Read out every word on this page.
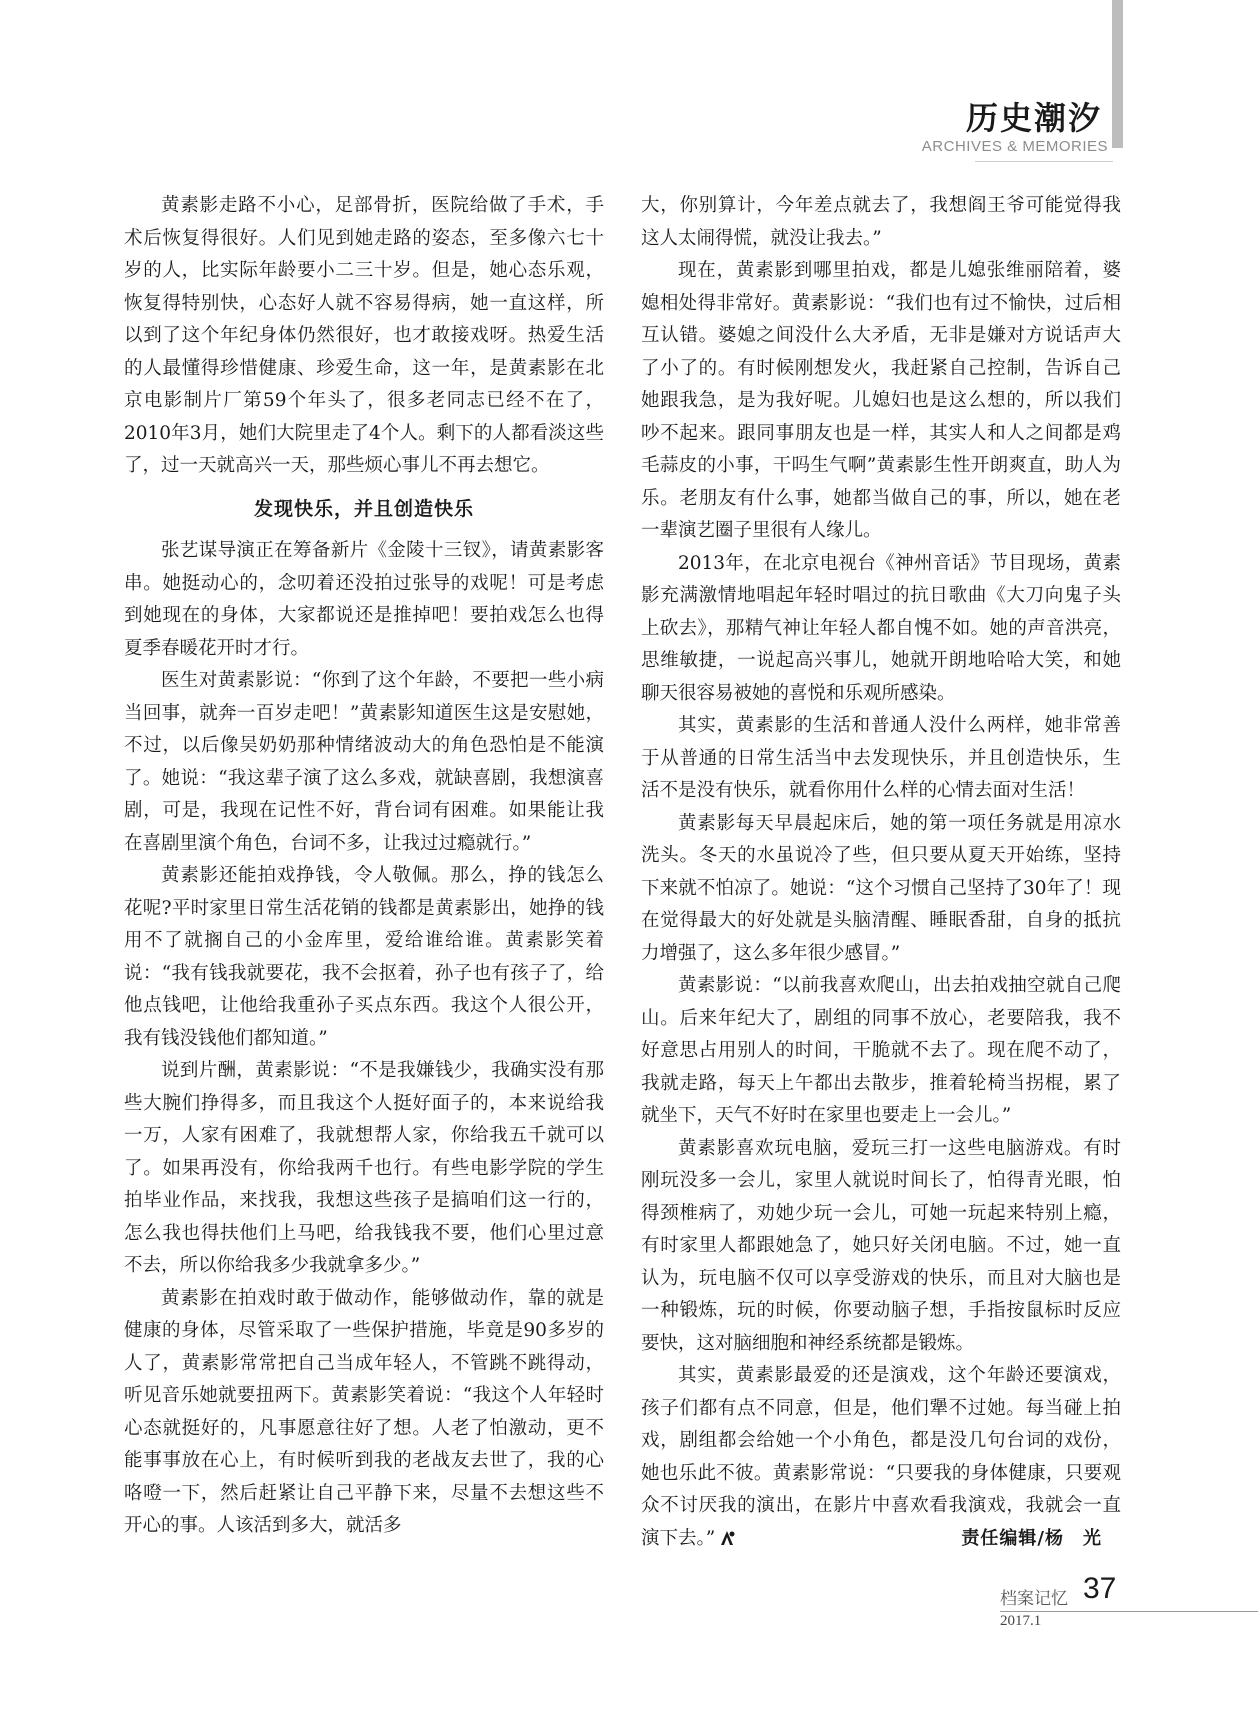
历史潮汐
ARCHIVES & MEMORIES

黄素影走路不小心，足部骨折，医院给做了手术，手术后恢复得很好。人们见到她走路的姿态，至多像六七十岁的人，比实际年龄要小二三十岁。但是，她心态乐观，恢复得特别快，心态好人就不容易得病，她一直这样，所以到了这个年纪身体仍然很好，也才敢接戏呀。热爱生活的人最懂得珍惜健康、珍爱生命，这一年，是黄素影在北京电影制片厂第59个年头了，很多老同志已经不在了，2010年3月，她们大院里走了4个人。剩下的人都看淡这些了，过一天就高兴一天，那些烦心事儿不再去想它。

发现快乐，并且创造快乐

张艺谋导演正在筹备新片《金陵十三钗》，请黄素影客串。她挺动心的，念叨着还没拍过张导的戏呢！可是考虑到她现在的身体，大家都说还是推掉吧！要拍戏怎么也得夏季春暖花开时才行。

医生对黄素影说：“你到了这个年龄，不要把一些小病当回事，就奔一百岁走吧！”黄素影知道医生这是安慰她，不过，以后像吴奶奶那种情绪波动大的角色恐怕是不能演了。她说：“我这辈子演了这么多戏，就缺喜剧，我想演喜剧，可是，我现在记性不好，背台词有困难。如果能让我在喜剧里演个角色，台词不多，让我过过瘾就行。”

黄素影还能拍戏挣钱，令人敬佩。那么，挣的钱怎么花呢?平时家里日常生活花销的钱都是黄素影出，她挣的钱用不了就搁自己的小金库里，爱给谁给谁。黄素影笑着说：“我有钱我就要花，我不会抠着，孙子也有孩子了，给他点钱吧，让他给我重孙子买点东西。我这个人很公开，我有钱没钱他们都知道。”

说到片酬，黄素影说：“不是我嫌钱少，我确实没有那些大腕们挣得多，而且我这个人挺好面子的，本来说给我一万，人家有困难了，我就想帮人家，你给我五千就可以了。如果再没有，你给我两千也行。有些电影学院的学生拍毕业作品，来找我，我想这些孩子是搞咱们这一行的，怎么我也得扶他们上马吧，给我钱我不要，他们心里过意不去，所以你给我多少我就拿多少。”

黄素影在拍戏时敢于做动作，能够做动作，靠的就是健康的身体，尽管采取了一些保护措施，毕竟是90多岁的人了，黄素影常常把自己当成年轻人，不管跳不跳得动，听见音乐她就要扭两下。黄素影笑着说：“我这个人年轻时心态就挺好的，凡事愿意往好了想。人老了怕激动，更不能事事放在心上，有时候听到我的老战友去世了，我的心咯噔一下，然后赶紧让自己平静下来，尽量不去想这些不开心的事。人该活到多大，就活多

大，你别算计，今年差点就去了，我想阎王爷可能觉得我这人太闹得慌，就没让我去。”

现在，黄素影到哪里拍戏，都是儿媳张维丽陪着，婆媳相处得非常好。黄素影说：“我们也有过不愉快，过后相互认错。婆媳之间没什么大矛盾，无非是嫌对方说话声大了小了的。有时候刚想发火，我赶紧自己控制，告诉自己她跟我急，是为我好呢。儿媳妇也是这么想的，所以我们吵不起来。跟同事朋友也是一样，其实人和人之间都是鸡毛蒜皮的小事，干吗生气啊”黄素影生性开朗爽直，助人为乐。老朋友有什么事，她都当做自己的事，所以，她在老一辈演艺圈子里很有人缘儿。

2013年，在北京电视台《神州音话》节目现场，黄素影充满激情地唱起年轻时唱过的抗日歌曲《大刀向鬼子头上砍去》，那精气神让年轻人都自愧不如。她的声音洪亮，思维敏捷，一说起高兴事儿，她就开朗地哈哈大笑，和她聊天很容易被她的喜悦和乐观所感染。

其实，黄素影的生活和普通人没什么两样，她非常善于从普通的日常生活当中去发现快乐，并且创造快乐，生活不是没有快乐，就看你用什么样的心情去面对生活！

黄素影每天早晨起床后，她的第一项任务就是用凉水洗头。冬天的水虽说冷了些，但只要从夏天开始练，坚持下来就不怕凉了。她说：“这个习惯自己坚持了30年了！现在觉得最大的好处就是头脑清醒、睡眠香甜，自身的抵抗力增强了，这么多年很少感冒。”

黄素影说：“以前我喜欢爬山，出去拍戏抽空就自己爬山。后来年纪大了，剧组的同事不放心，老要陪我，我不好意思占用别人的时间，干脆就不去了。现在爬不动了，我就走路，每天上午都出去散步，推着轮椅当拐棍，累了就坐下，天气不好时在家里也要走上一会儿。”

黄素影喜欢玩电脑，爱玩三打一这些电脑游戏。有时刚玩没多一会儿，家里人就说时间长了，怕得青光眼，怕得颈椎病了，劝她少玩一会儿，可她一玩起来特别上瘾，有时家里人都跟她急了，她只好关闭电脑。不过，她一直认为，玩电脑不仅可以享受游戏的快乐，而且对大脑也是一种锻炼，玩的时候，你要动脑子想，手指按鼠标时反应要快，这对脑细胞和神经系统都是锻炼。

其实，黄素影最爱的还是演戏，这个年龄还要演戏，孩子们都有点不同意，但是，他们犟不过她。每当碰上拍戏，剧组都会给她一个小角色，都是没几句台词的戏份，她也乐此不彼。黄素影常说：“只要我的身体健康，只要观众不讨厌我的演出，在影片中喜欢看我演戏，我就会一直演下去。”	责任编辑/杨　光
档案记忆 37
2017.1
